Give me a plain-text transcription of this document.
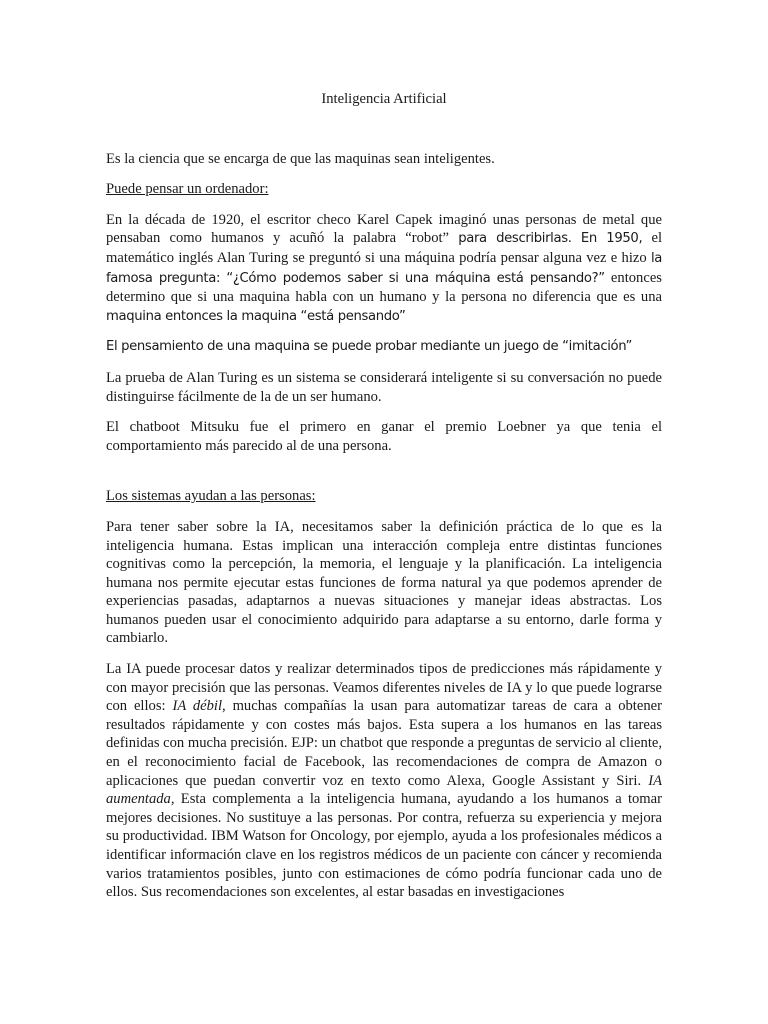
Inteligencia Artificial

Es la ciencia que se encarga de que las maquinas sean inteligentes.

Puede pensar un ordenador:

En la década de 1920, el escritor checo Karel Capek imaginó unas personas de metal que pensaban como humanos y acuñó la palabra “robot” para describirlas. En 1950, el matemático inglés Alan Turing se preguntó si una máquina podría pensar alguna vez e hizo la famosa pregunta: “¿Cómo podemos saber si una máquina está pensando?” entonces determino que si una maquina habla con un humano y la persona no diferencia que es una maquina entonces la maquina “está pensando”

El pensamiento de una maquina se puede probar mediante un juego de “imitación”

La prueba de Alan Turing es un sistema se considerará inteligente si su conversación no puede distinguirse fácilmente de la de un ser humano.

El chatboot Mitsuku fue el primero en ganar el premio Loebner ya que tenia el comportamiento más parecido al de una persona.

Los sistemas ayudan a las personas:

Para tener saber sobre la IA, necesitamos saber la definición práctica de lo que es la inteligencia humana. Estas implican una interacción compleja entre distintas funciones cognitivas como la percepción, la memoria, el lenguaje y la planificación. La inteligencia humana nos permite ejecutar estas funciones de forma natural ya que podemos aprender de experiencias pasadas, adaptarnos a nuevas situaciones y manejar ideas abstractas. Los humanos pueden usar el conocimiento adquirido para adaptarse a su entorno, darle forma y cambiarlo.

La IA puede procesar datos y realizar determinados tipos de predicciones más rápidamente y con mayor precisión que las personas. Veamos diferentes niveles de IA y lo que puede lograrse con ellos: IA débil, muchas compañías la usan para automatizar tareas de cara a obtener resultados rápidamente y con costes más bajos. Esta supera a los humanos en las tareas definidas con mucha precisión. EJP: un chatbot que responde a preguntas de servicio al cliente, en el reconocimiento facial de Facebook, las recomendaciones de compra de Amazon o aplicaciones que puedan convertir voz en texto como Alexa, Google Assistant y Siri. IA aumentada, Esta complementa a la inteligencia humana, ayudando a los humanos a tomar mejores decisiones. No sustituye a las personas. Por contra, refuerza su experiencia y mejora su productividad. IBM Watson for Oncology, por ejemplo, ayuda a los profesionales médicos a identificar información clave en los registros médicos de un paciente con cáncer y recomienda varios tratamientos posibles, junto con estimaciones de cómo podría funcionar cada uno de ellos. Sus recomendaciones son excelentes, al estar basadas en investigaciones
